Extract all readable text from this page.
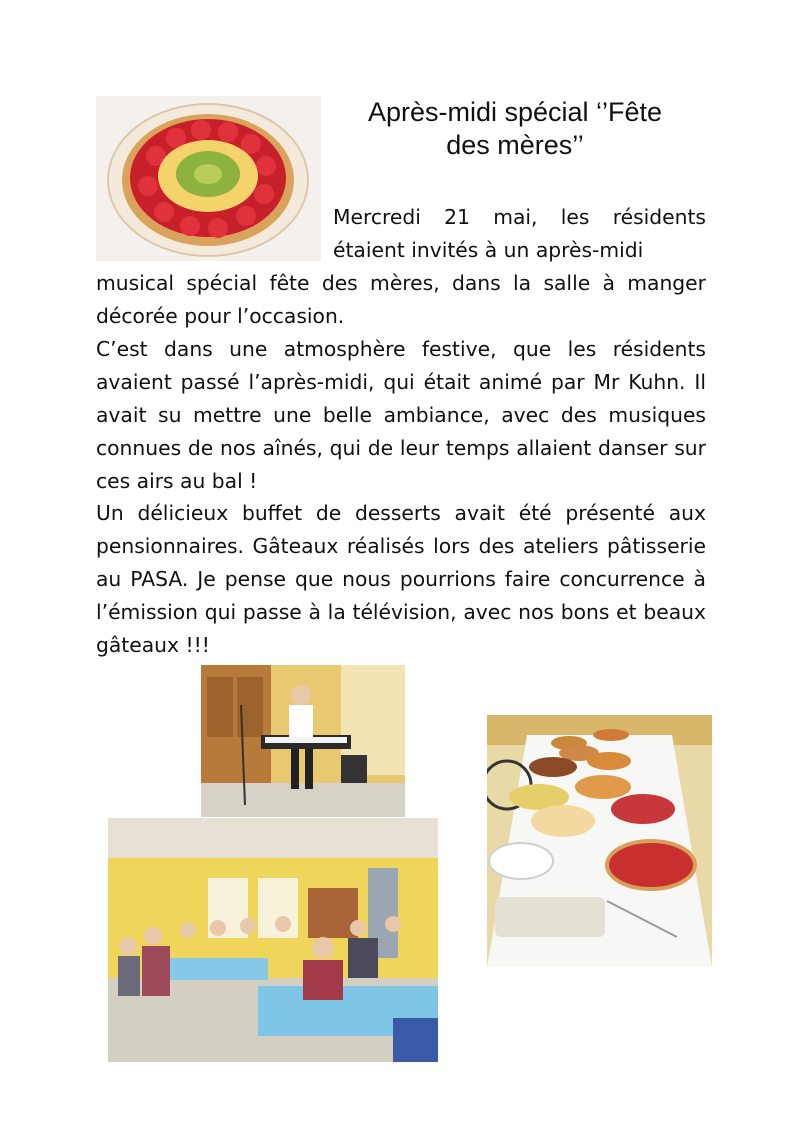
Après-midi spécial ‘’Fête
des mères’’

Mercredi 21 mai, les résidents étaient invités à un après-midi

musical spécial fête des mères, dans la salle à manger décorée pour l’occasion.

C’est dans une atmosphère festive, que les résidents avaient passé l’après-midi, qui était animé par Mr Kuhn. Il avait su mettre une belle ambiance, avec des musiques connues de nos aînés, qui de leur temps allaient danser sur ces airs au bal !

Un délicieux buffet de desserts avait été présenté aux pensionnaires. Gâteaux réalisés lors des ateliers pâtisserie au PASA. Je pense que nous pourrions faire concurrence à l’émission qui passe à la télévision, avec nos bons et beaux gâteaux !!!
